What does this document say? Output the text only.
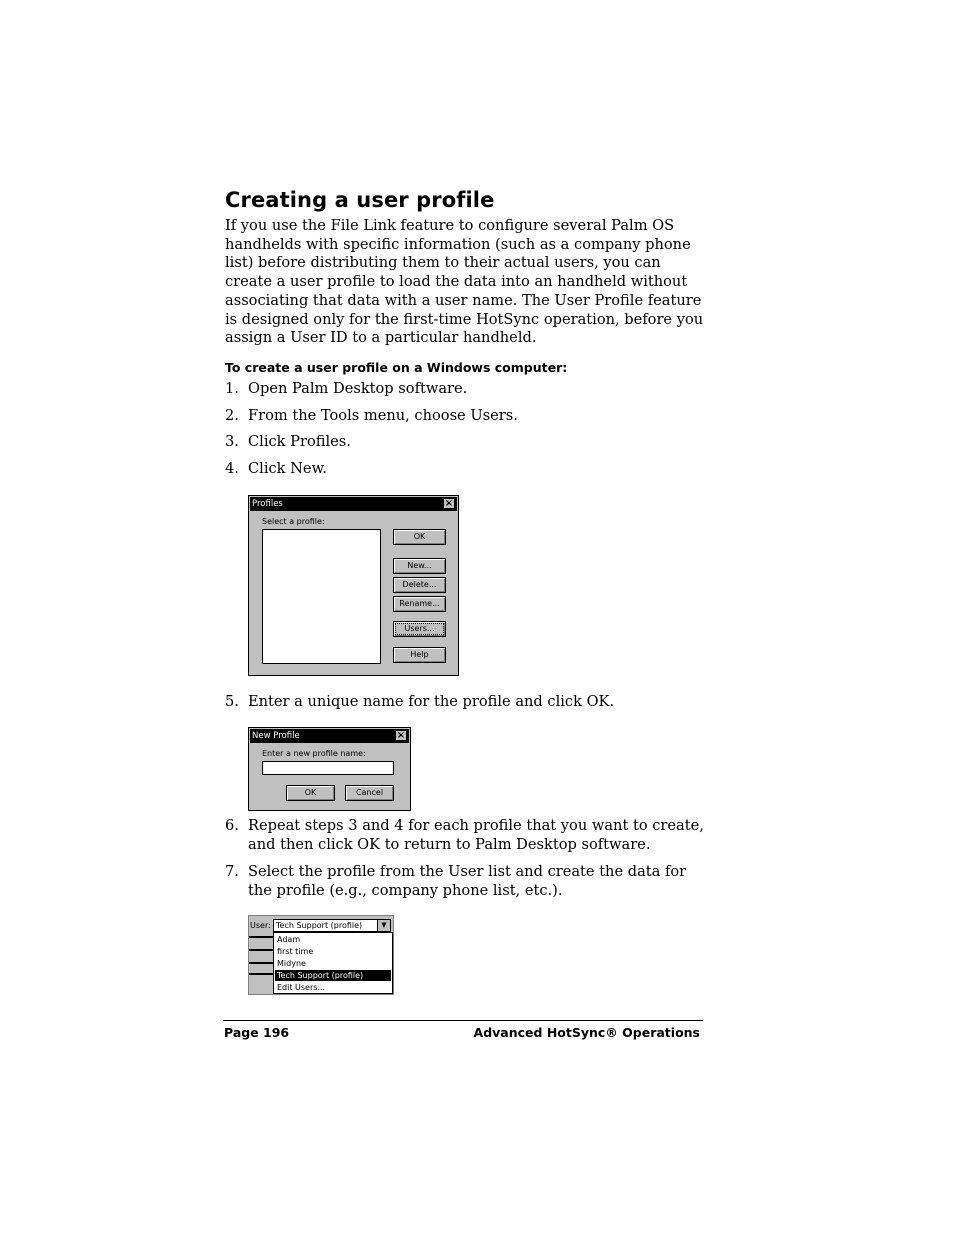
Creating a user profile

If you use the File Link feature to configure several Palm OS handhelds with specific information (such as a company phone list) before distributing them to their actual users, you can create a user profile to load the data into an handheld without associating that data with a user name. The User Profile feature is designed only for the first-time HotSync operation, before you assign a User ID to a particular handheld.

To create a user profile on a Windows computer:

1. Open Palm Desktop software.
2. From the Tools menu, choose Users.
3. Click Profiles.
4. Click New.
Profiles	×
Select a profile:
OK
New...
Delete...
Rename...
Users...
Help
5. Enter a unique name for the profile and click OK.
New Profile	×
Enter a new profile name:
OK	Cancel
6. Repeat steps 3 and 4 for each profile that you want to create, and then click OK to return to Palm Desktop software.
7. Select the profile from the User list and create the data for the profile (e.g., company phone list, etc.).
User: Tech Support (profile)	▼
Adam
first time
Midyne
Tech Support (profile)
Edit Users...
Page 196	Advanced HotSync® Operations
